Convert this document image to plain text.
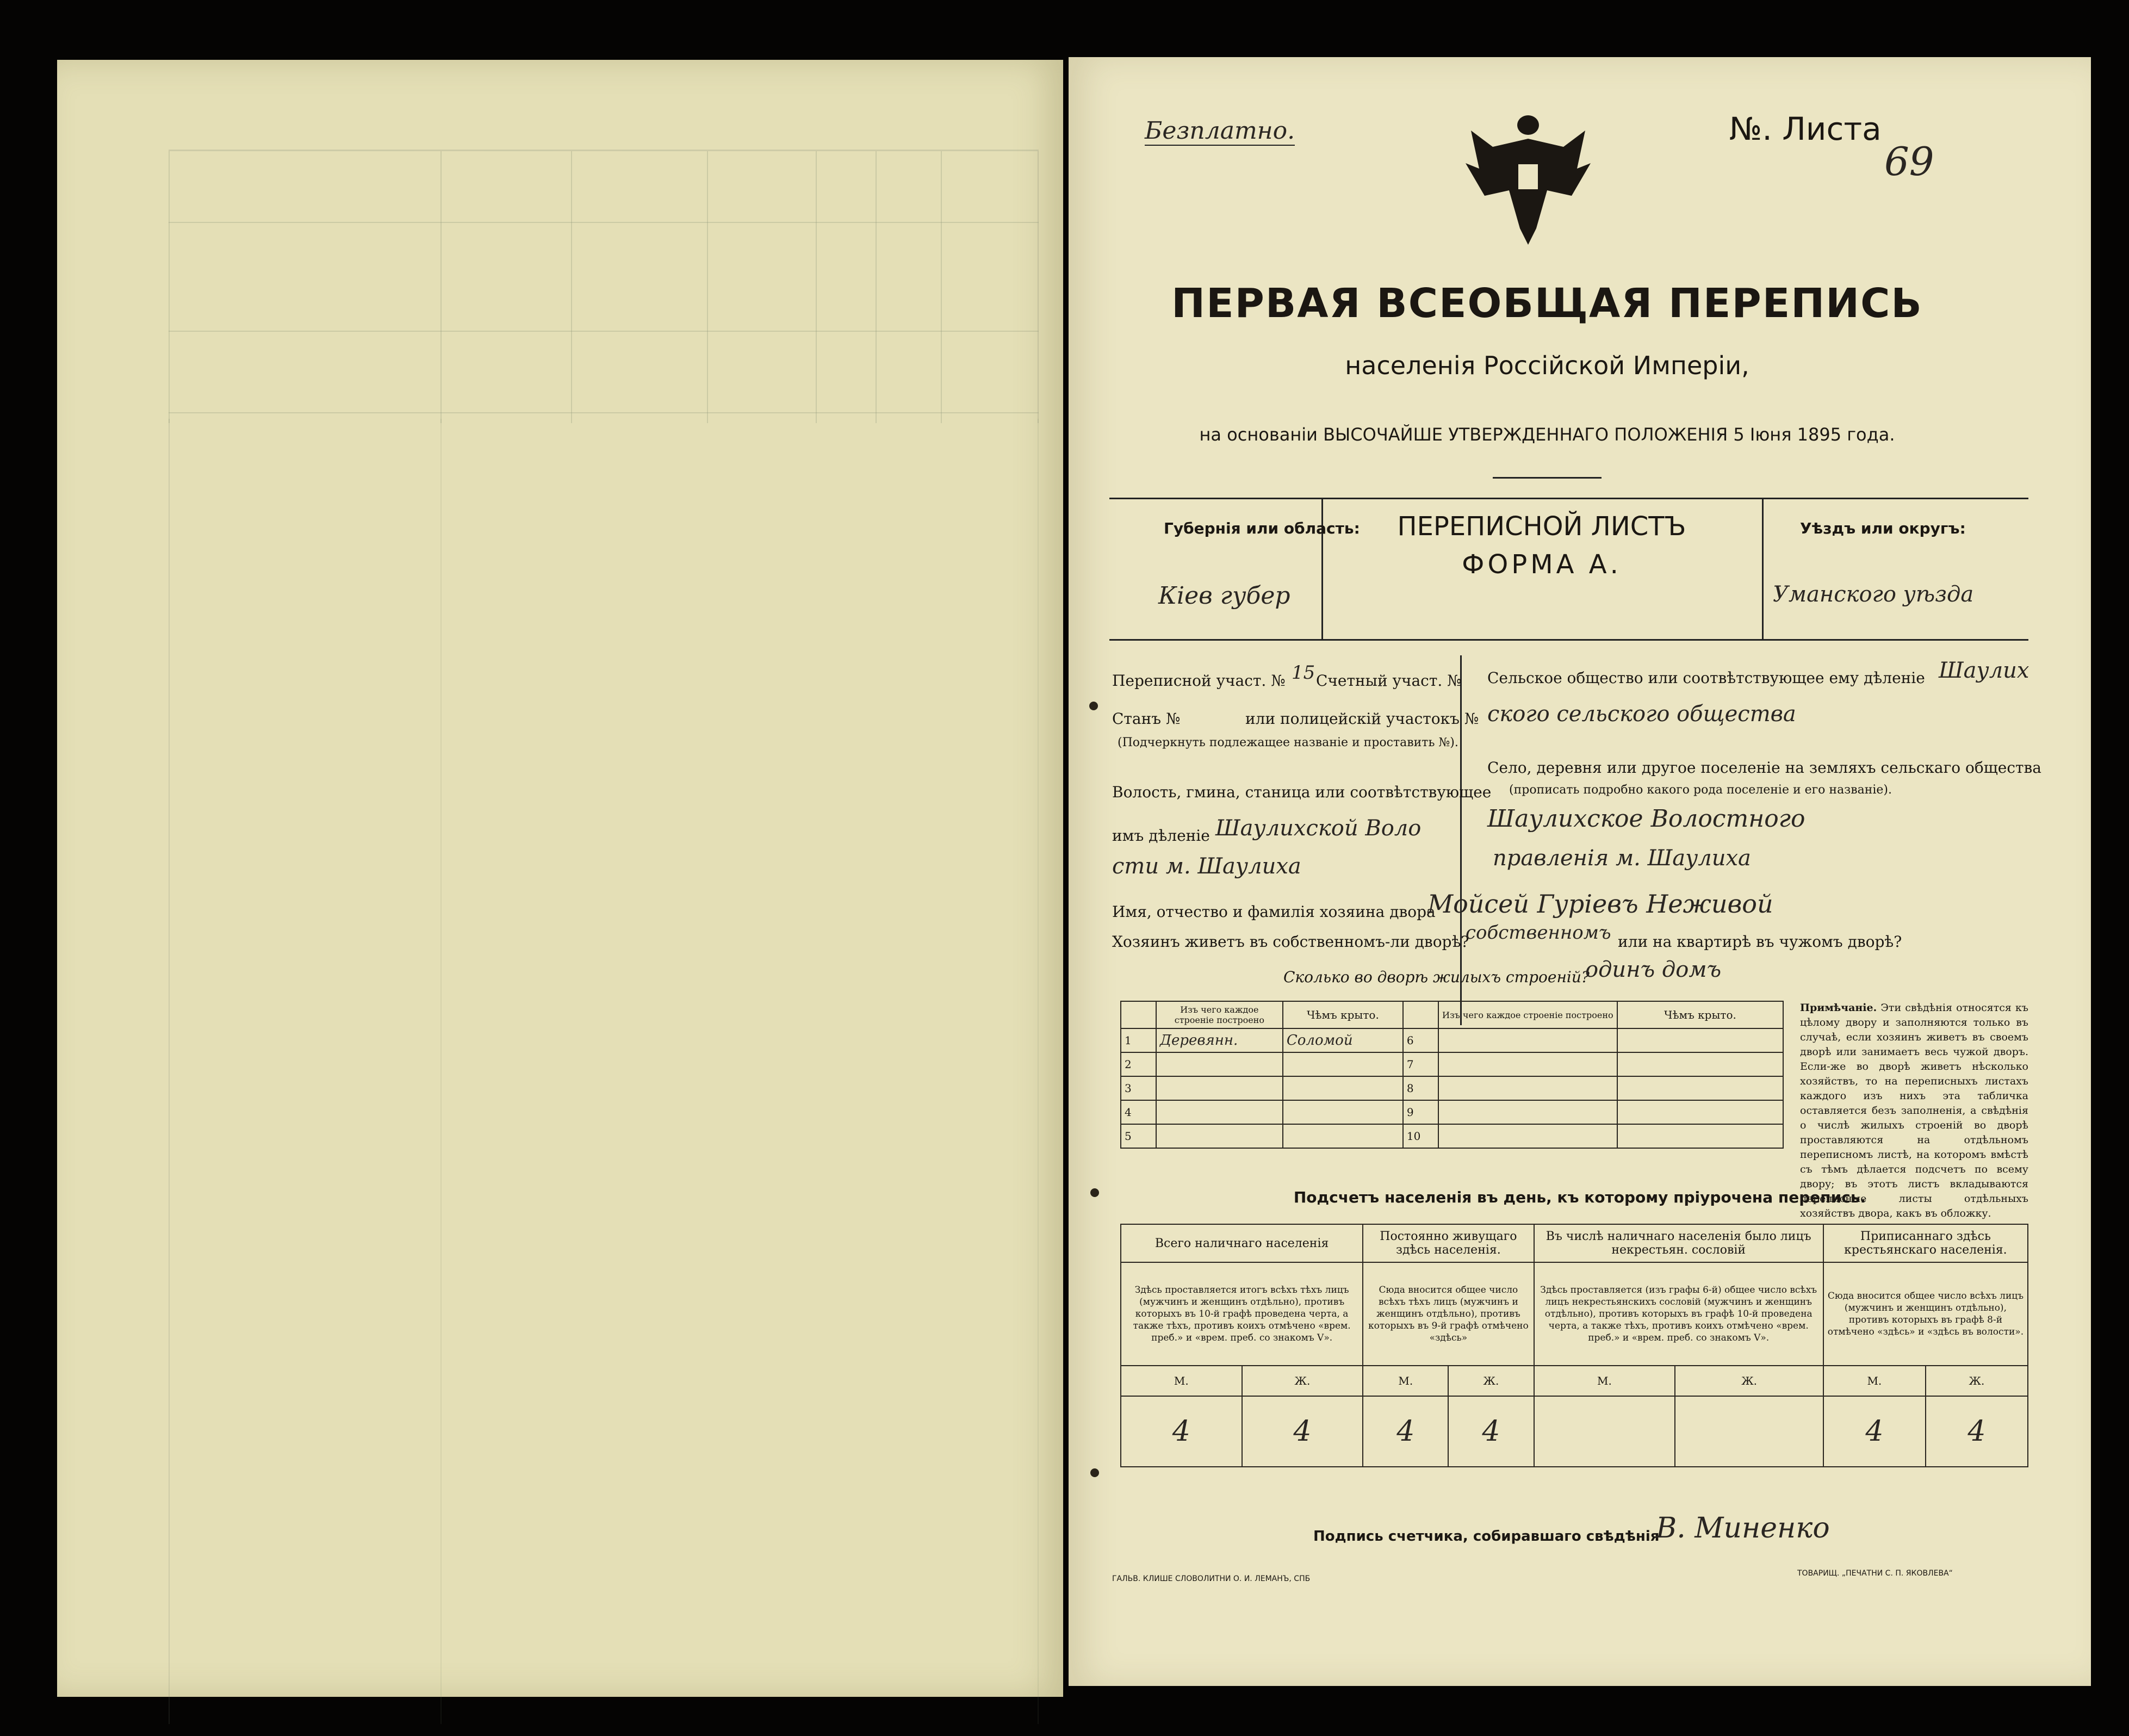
Безплатно.	№. Листа
69
ПЕРВАЯ ВСЕОБЩАЯ ПЕРЕПИСЬ
населенія Россійской Имперіи,
на основаніи ВЫСОЧАЙШЕ УТВЕРЖДЕННАГО ПОЛОЖЕНІЯ 5 Іюня 1895 года.
Губернія или область:
Кіев губер
ПЕРЕПИСНОЙ ЛИСТЪ
ФОРМА А.
Уѣздъ или округъ:
Уманского уѣзда
Переписной участ. № 15 Счетный участ. №
Станъ №	или полицейскій участокъ №
(Подчеркнуть подлежащее названіе и проставить №).
Волость, гмина, станица или соотвѣтствующее
имъ дѣленіе Шаулихской Воло
сти м. Шаулиха
Сельское общество или соотвѣтствующее ему дѣленіе Шаулих
ского сельского общества
Село, деревня или другое поселеніе на земляхъ сельскаго общества
(прописать подробно какого рода поселеніе и его названіе).
Шаулихское Волостного
правленія м. Шаулиха
Имя, отчество и фамилія хозяина двора
Мойсей Гуріевъ Неживой
Хозяинъ живетъ въ собственномъ-ли дворѣ?
собственномъ или на квартирѣ въ чужомъ дворѣ?
Сколько во дворѣ жилыхъ строеній?
одинъ домъ
	Изъ чего каждое строеніе построено	Чѣмъ крыто.		Изъ чего каждое строеніе построено	Чѣмъ крыто.
1	Деревянн.	Соломой	6		
2			7		
3			8		
4			9		
5			10		
Примѣчаніе. Эти свѣдѣнія относятся къ цѣлому двору и заполняются только въ случаѣ, если хозяинъ живетъ въ своемъ дворѣ или занимаетъ весь чужой дворъ. Если-же во дворѣ живетъ нѣсколько хозяйствъ, то на переписныхъ листахъ каждого изъ нихъ эта табличка оставляется безъ заполненія, а свѣдѣнія о числѣ жилыхъ строеній во дворѣ проставляются на отдѣльномъ переписномъ листѣ, на которомъ вмѣстѣ съ тѣмъ дѣлается подсчетъ по всему двору; въ этотъ листъ вкладываются переписные листы отдѣльныхъ хозяйствъ двора, какъ въ обложку.
Подсчетъ населенія въ день, къ которому пріурочена перепись.
Всего наличнаго населенія		Постоянно живущаго здѣсь населенія.		Въ числѣ наличнаго населенія было лицъ некрестьян. сословій		Приписаннаго здѣсь крестьянскаго населенія.	
Здѣсь проставляется итогъ всѣхъ тѣхъ лицъ (мужчинъ и женщинъ отдѣльно), противъ которыхъ въ 10-й графѣ проведена черта, а также тѣхъ, противъ коихъ отмѣчено «врем. преб.» и «врем. преб. со знакомъ V».		Сюда вносится общее число всѣхъ тѣхъ лицъ (мужчинъ и женщинъ отдѣльно), противъ которыхъ въ 9-й графѣ отмѣчено «здѣсь»		Здѣсь проставляется (изъ графы 6-й) общее число всѣхъ лицъ некрестьянскихъ сословій (мужчинъ и женщинъ отдѣльно), противъ которыхъ въ графѣ 10-й проведена черта, а также тѣхъ, противъ коихъ отмѣчено «врем. преб.» и «врем. преб. со знакомъ V».		Сюда вносится общее число всѣхъ лицъ (мужчинъ и женщинъ отдѣльно), противъ которыхъ въ графѣ 8-й отмѣчено «здѣсь» и «здѣсь въ волости».	
М.	Ж.	М.	Ж.	М.	Ж.	М.	Ж.
4	4	4	4			4	4
Подпись счетчика, собиравшаго свѣдѣнія
В. Миненко
ГАЛЬВ. КЛИШЕ СЛОВОЛИТНИ О. И. ЛЕМАНЪ, СПБ
ТОВАРИЩ. „ПЕЧАТНИ С. П. ЯКОВЛЕВА“
